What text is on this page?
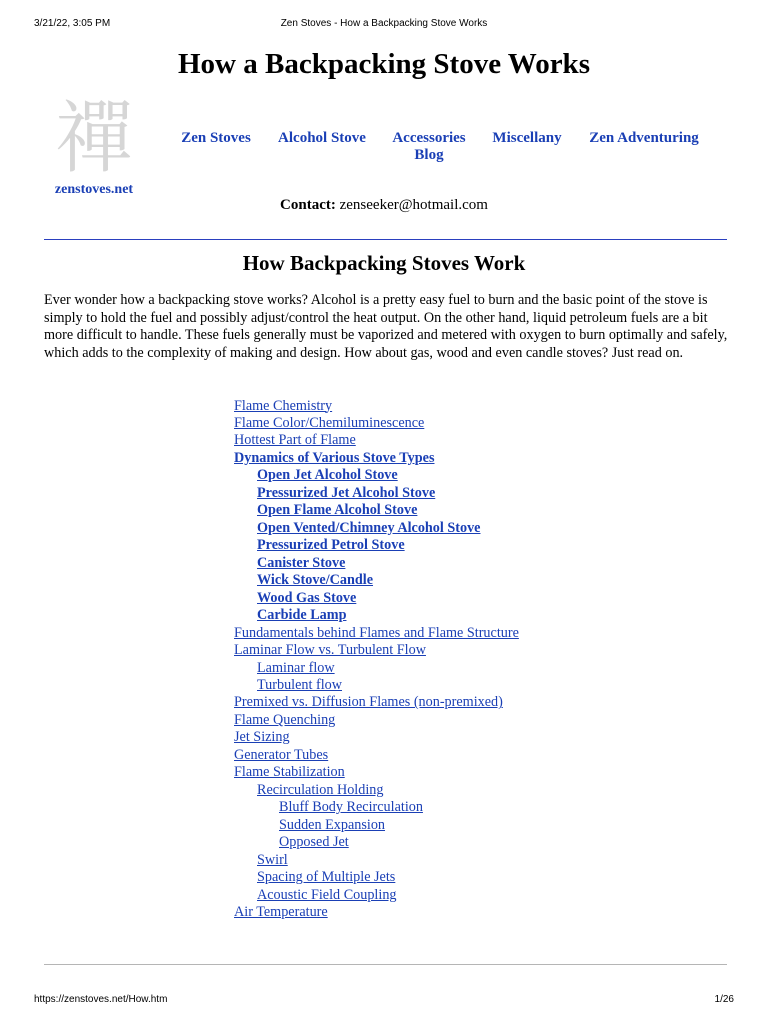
3/21/22, 3:05 PM	Zen Stoves - How a Backpacking Stove Works
How a Backpacking Stove Works
禪
zenstoves.net
Zen Stoves Alcohol Stove Accessories
Blog
Miscellany Zen Adventuring
Contact: zenseeker@hotmail.com
How Backpacking Stoves Work

Ever wonder how a backpacking stove works? Alcohol is a pretty easy fuel to burn and the basic point of the stove is simply to hold the fuel and possibly adjust/control the heat output. On the other hand, liquid petroleum fuels are a bit more difficult to handle. These fuels generally must be vaporized and metered with oxygen to burn optimally and safely, which adds to the complexity of making and design. How about gas, wood and even candle stoves? Just read on.

Flame Chemistry
Flame Color/Chemiluminescence
Hottest Part of Flame
Dynamics of Various Stove Types
Open Jet Alcohol Stove
Pressurized Jet Alcohol Stove
Open Flame Alcohol Stove
Open Vented/Chimney Alcohol Stove
Pressurized Petrol Stove
Canister Stove
Wick Stove/Candle
Wood Gas Stove
Carbide Lamp
Fundamentals behind Flames and Flame Structure
Laminar Flow vs. Turbulent Flow
Laminar flow
Turbulent flow
Premixed vs. Diffusion Flames (non-premixed)
Flame Quenching
Jet Sizing
Generator Tubes
Flame Stabilization
Recirculation Holding
Bluff Body Recirculation
Sudden Expansion
Opposed Jet
Swirl
Spacing of Multiple Jets
Acoustic Field Coupling
Air Temperature
https://zenstoves.net/How.htm	1/26
